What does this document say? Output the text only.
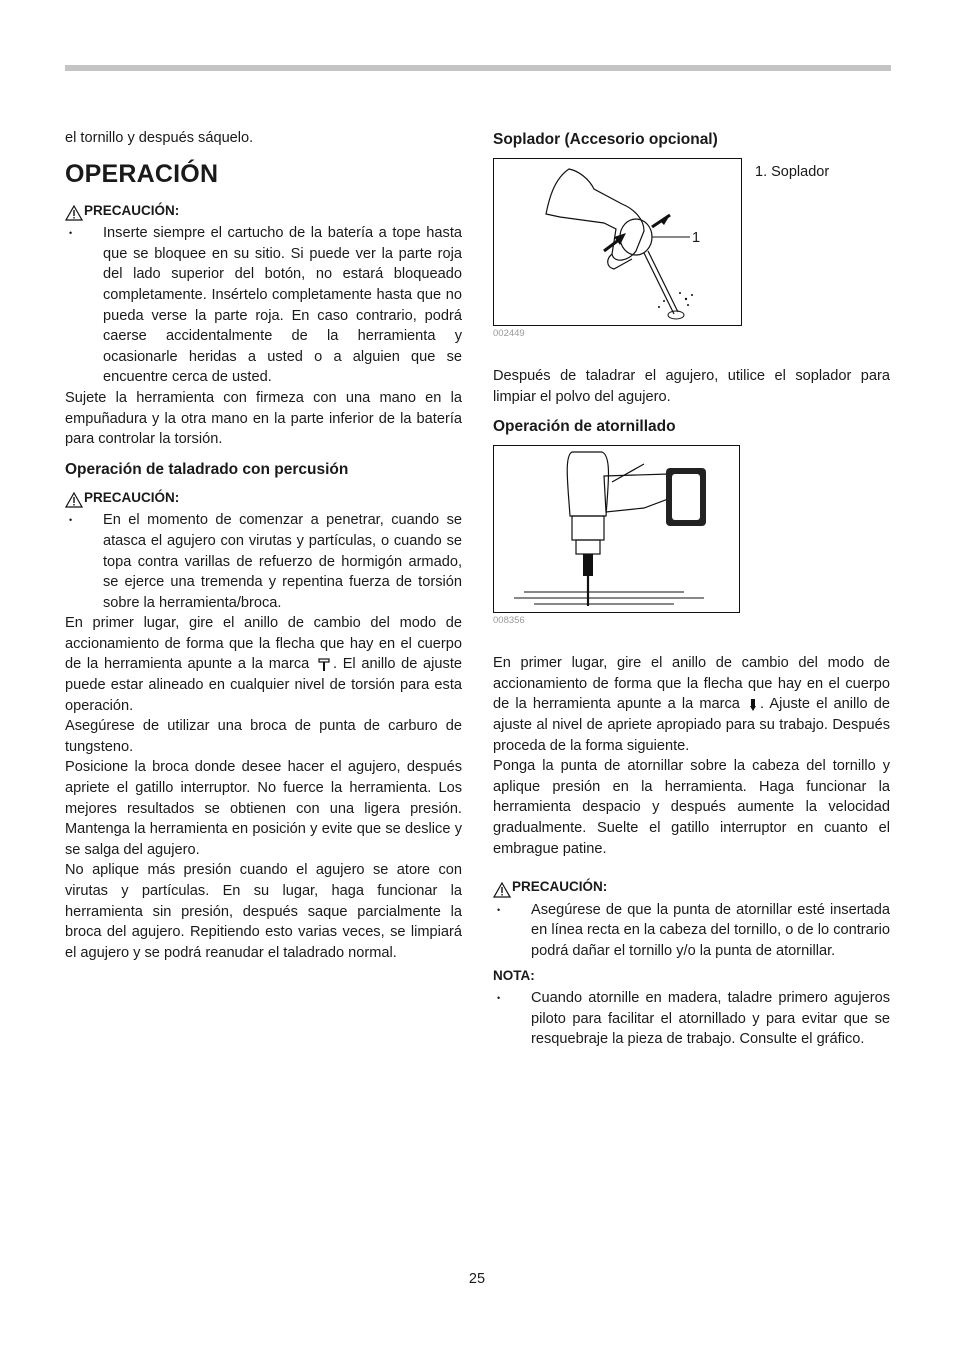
el tornillo y después sáquelo.

OPERACIÓN
PRECAUCIÓN:

• Inserte siempre el cartucho de la batería a tope hasta que se bloquee en su sitio. Si puede ver la parte roja del lado superior del botón, no estará bloqueado completamente. Insértelo completamente hasta que no pueda verse la parte roja. En caso contrario, podrá caerse accidentalmente de la herramienta y ocasionarle heridas a usted o a alguien que se encuentre cerca de usted.

Sujete la herramienta con firmeza con una mano en la empuñadura y la otra mano en la parte inferior de la batería para controlar la torsión.

Operación de taladrado con percusión
PRECAUCIÓN:

• En el momento de comenzar a penetrar, cuando se atasca el agujero con virutas y partículas, o cuando se topa contra varillas de refuerzo de hormigón armado, se ejerce una tremenda y repentina fuerza de torsión sobre la herramienta/broca.

En primer lugar, gire el anillo de cambio del modo de accionamiento de forma que la flecha que hay en el cuerpo de la herramienta apunte a la marca . El anillo de ajuste puede estar alineado en cualquier nivel de torsión para esta operación.

Asegúrese de utilizar una broca de punta de carburo de tungsteno.

Posicione la broca donde desee hacer el agujero, después apriete el gatillo interruptor. No fuerce la herramienta. Los mejores resultados se obtienen con una ligera presión. Mantenga la herramienta en posición y evite que se deslice y se salga del agujero.

No aplique más presión cuando el agujero se atore con virutas y partículas. En su lugar, haga funcionar la herramienta sin presión, después saque parcialmente la broca del agujero. Repitiendo esto varias veces, se limpiará el agujero y se podrá reanudar el taladrado normal.

Soplador (Accesorio opcional)
1
1. Soplador
002449

Después de taladrar el agujero, utilice el soplador para limpiar el polvo del agujero.

Operación de atornillado
008356

En primer lugar, gire el anillo de cambio del modo de accionamiento de forma que la flecha que hay en el cuerpo de la herramienta apunte a la marca . Ajuste el anillo de ajuste al nivel de apriete apropiado para su trabajo. Después proceda de la forma siguiente.

Ponga la punta de atornillar sobre la cabeza del tornillo y aplique presión en la herramienta. Haga funcionar la herramienta despacio y después aumente la velocidad gradualmente. Suelte el gatillo interruptor en cuanto el embrague patine.

PRECAUCIÓN:

• Asegúrese de que la punta de atornillar esté insertada en línea recta en la cabeza del tornillo, o de lo contrario podrá dañar el tornillo y/o la punta de atornillar.

NOTA:

• Cuando atornille en madera, taladre primero agujeros piloto para facilitar el atornillado y para evitar que se resquebraje la pieza de trabajo. Consulte el gráfico.

25
